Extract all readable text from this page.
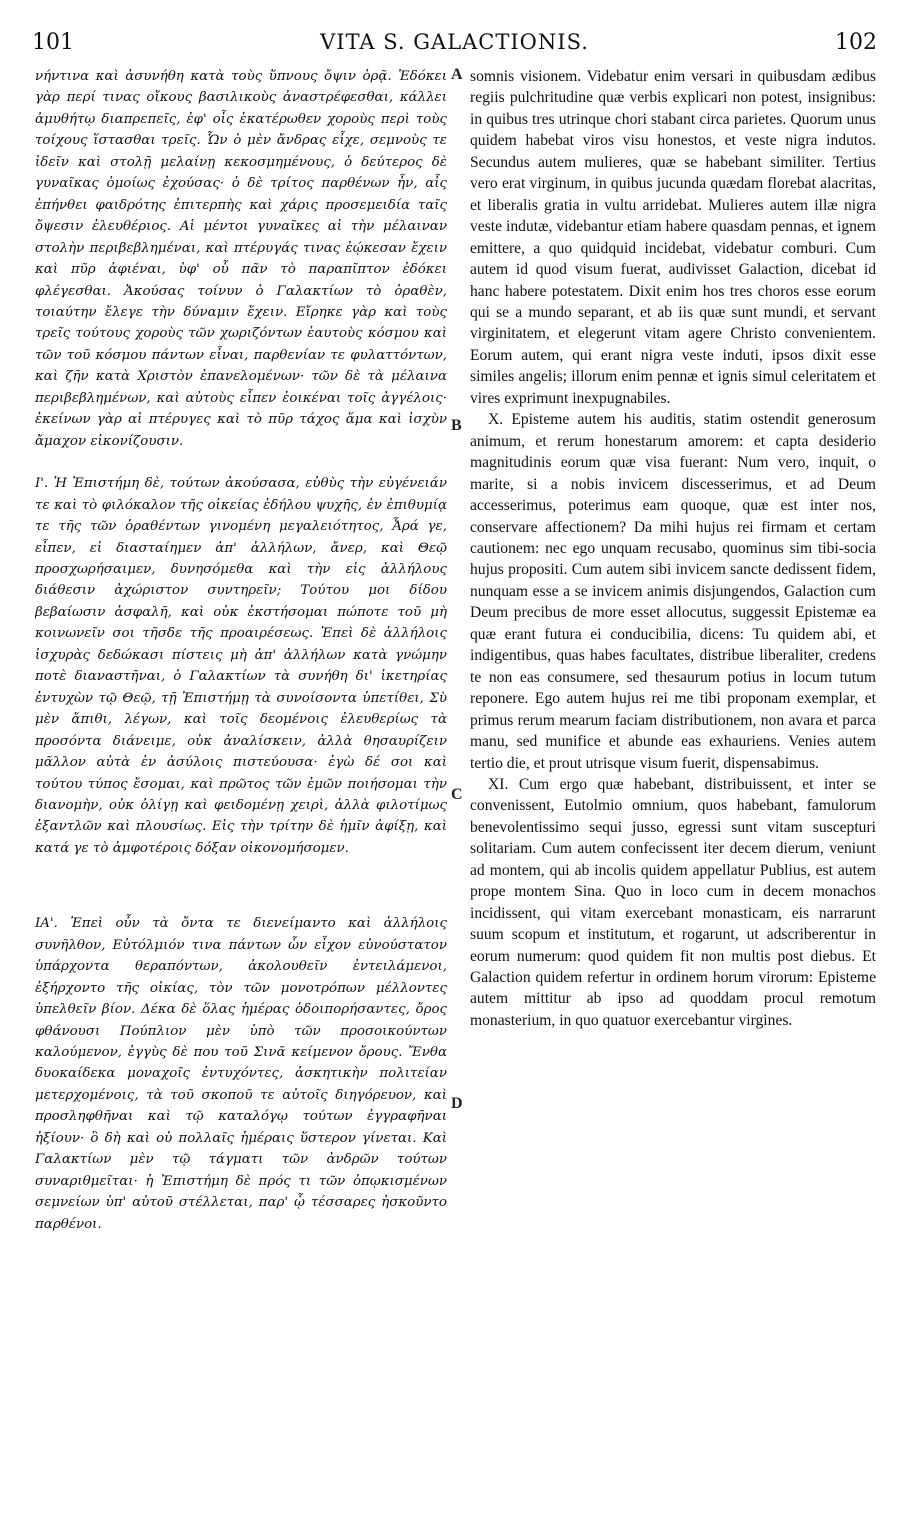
101	VITA S. GALACTIONIS.	102

νήντινα καὶ ἀσυνήθη κατὰ τοὺς ὕπνους ὄψιν ὁρᾷ. Ἐδόκει γὰρ περί τινας οἴκους βασιλικοὺς ἀναστρέφεσθαι, κάλλει ἀμυθήτῳ διαπρεπεῖς, ἐφ' οἷς ἑκατέρωθεν χοροὺς περὶ τοὺς τοίχους ἵστασθαι τρεῖς. Ὧν ὁ μὲν ἄνδρας εἶχε, σεμνοὺς τε ἰδεῖν καὶ στολῇ μελαίνῃ κεκοσμημένους, ὁ δεύτερος δὲ γυναῖκας ὁμοίως ἐχούσας· ὁ δὲ τρίτος παρθένων ἦν, αἷς ἐπήνθει φαιδρότης ἐπιτερπὴς καὶ χάρις προσεμειδία ταῖς ὄψεσιν ἐλευθέριος. Αἱ μέντοι γυναῖκες αἱ τὴν μέλαιναν στολὴν περιβεβλημέναι, καὶ πτέρυγάς τινας ἐῴκεσαν ἔχειν καὶ πῦρ ἀφιέναι, ὑφ' οὗ πᾶν τὸ παραπῖπτον ἐδόκει φλέγεσθαι. Ἀκούσας τοίνυν ὁ Γαλακτίων τὸ ὁραθὲν, τοιαύτην ἔλεγε τὴν δύναμιν ἔχειν. Εἴρηκε γὰρ καὶ τοὺς τρεῖς τούτους χοροὺς τῶν χωριζόντων ἑαυτοὺς κόσμου καὶ τῶν τοῦ κόσμου πάντων εἶναι, παρθενίαν τε φυλαττόντων, καὶ ζῆν κατὰ Χριστὸν ἐπανελομένων· τῶν δὲ τὰ μέλαινα περιβεβλημένων, καὶ αὐτοὺς εἶπεν ἐοικέναι τοῖς ἀγγέλοις· ἐκείνων γὰρ αἱ πτέρυγες καὶ τὸ πῦρ τάχος ἅμα καὶ ἰσχὺν ἄμαχον εἰκονίζουσιν.

Ι'. Ἡ Ἐπιστήμη δὲ, τούτων ἀκούσασα, εὐθὺς τὴν εὐγένειάν τε καὶ τὸ φιλόκαλον τῆς οἰκείας ἐδήλου ψυχῆς, ἐν ἐπιθυμίᾳ τε τῆς τῶν ὁραθέντων γινομένη μεγαλειότητος, Ἆρά γε, εἶπεν, εἰ διασταίημεν ἀπ' ἀλλήλων, ἄνερ, καὶ Θεῷ προσχωρήσαιμεν, δυνησόμεθα καὶ τὴν εἰς ἀλλήλους διάθεσιν ἀχώριστον συντηρεῖν; Τούτου μοι δίδου βεβαίωσιν ἀσφαλῆ, καὶ οὐκ ἐκστήσομαι πώποτε τοῦ μὴ κοινωνεῖν σοι τῆσδε τῆς προαιρέσεως. Ἐπεὶ δὲ ἀλλήλοις ἰσχυρὰς δεδώκασι πίστεις μὴ ἀπ' ἀλλήλων κατὰ γνώμην ποτὲ διαναστῆναι, ὁ Γαλακτίων τὰ συνήθη δι' ἱκετηρίας ἐντυχὼν τῷ Θεῷ, τῇ Ἐπιστήμῃ τὰ συνοίσοντα ὑπετίθει, Σὺ μὲν ἄπιθι, λέγων, καὶ τοῖς δεομένοις ἐλευθερίως τὰ προσόντα διάνειμε, οὐκ ἀναλίσκειν, ἀλλὰ θησαυρίζειν μᾶλλον αὐτὰ ἐν ἀσύλοις πιστεύουσα· ἐγὼ δέ σοι καὶ τούτου τύπος ἔσομαι, καὶ πρῶτος τῶν ἐμῶν ποιήσομαι τὴν διανομὴν, οὐκ ὀλίγῃ καὶ φειδομένῃ χειρὶ, ἀλλὰ φιλοτίμως ἐξαντλῶν καὶ πλουσίως. Εἰς τὴν τρίτην δὲ ἡμῖν ἀφίξῃ, καὶ κατά γε τὸ ἀμφοτέροις δόξαν οἰκονομήσομεν.

ΙΑ'. Ἐπεὶ οὖν τὰ ὄντα τε διενείμαντο καὶ ἀλλήλοις συνῆλθον, Εὐτόλμιόν τινα πάντων ὧν εἶχον εὐνούστατον ὑπάρχοντα θεραπόντων, ἀκολουθεῖν ἐντειλάμενοι, ἐξήρχοντο τῆς οἰκίας, τὸν τῶν μονοτρόπων μέλλοντες ὑπελθεῖν βίον. Δέκα δὲ ὅλας ἡμέρας ὁδοιπορήσαντες, ὄρος φθάνουσι Πούπλιον μὲν ὑπὸ τῶν προσοικούντων καλούμενον, ἐγγὺς δὲ που τοῦ Σινᾶ κείμενον ὄρους. Ἔνθα δυοκαίδεκα μοναχοῖς ἐντυχόντες, ἀσκητικὴν πολιτείαν μετερχομένοις, τὰ τοῦ σκοποῦ τε αὐτοῖς διηγόρευον, καὶ προσληφθῆναι καὶ τῷ καταλόγῳ τούτων ἐγγραφῆναι ἠξίουν· ὃ δὴ καὶ οὐ πολλαῖς ἡμέραις ὕστερον γίνεται. Καὶ Γαλακτίων μὲν τῷ τάγματι τῶν ἀνδρῶν τούτων συναριθμεῖται· ἡ Ἐπιστήμη δὲ πρός τι τῶν ὀπῳκισμένων σεμνείων ὑπ' αὐτοῦ στέλλεται, παρ' ᾧ τέσσαρες ἠσκοῦντο παρθένοι.

A
B
C
D

somnis visionem. Videbatur enim versari in quibusdam ædibus regiis pulchritudine quæ verbis explicari non potest, insignibus: in quibus tres utrinque chori stabant circa parietes. Quorum unus quidem habebat viros visu honestos, et veste nigra indutos. Secundus autem mulieres, quæ se habebant similiter. Tertius vero erat virginum, in quibus jucunda quædam florebat alacritas, et liberalis gratia in vultu arridebat. Mulieres autem illæ nigra veste indutæ, videbantur etiam habere quasdam pennas, et ignem emittere, a quo quidquid incidebat, videbatur comburi. Cum autem id quod visum fuerat, audivisset Galaction, dicebat id hanc habere potestatem. Dixit enim hos tres choros esse eorum qui se a mundo separant, et ab iis quæ sunt mundi, et servant virginitatem, et elegerunt vitam agere Christo convenientem. Eorum autem, qui erant nigra veste induti, ipsos dixit esse similes angelis; illorum enim pennæ et ignis simul celeritatem et vires exprimunt inexpugnabiles.

X. Episteme autem his auditis, statim ostendit generosum animum, et rerum honestarum amorem: et capta desiderio magnitudinis eorum quæ visa fuerant: Num vero, inquit, o marite, si a nobis invicem discesserimus, et ad Deum accesserimus, poterimus eam quoque, quæ est inter nos, conservare affectionem? Da mihi hujus rei firmam et certam cautionem: nec ego unquam recusabo, quominus sim tibi-socia hujus propositi. Cum autem sibi invicem sancte dedissent fidem, nunquam esse a se invicem animis disjungendos, Galaction cum Deum precibus de more esset allocutus, suggessit Epistemæ ea quæ erant futura ei conducibilia, dicens: Tu quidem abi, et indigentibus, quas habes facultates, distribue liberaliter, credens te non eas consumere, sed thesaurum potius in locum tutum reponere. Ego autem hujus rei me tibi proponam exemplar, et primus rerum mearum faciam distributionem, non avara et parca manu, sed munifice et abunde eas exhauriens. Venies autem tertio die, et prout utrisque visum fuerit, dispensabimus.

XI. Cum ergo quæ habebant, distribuissent, et inter se convenissent, Eutolmio omnium, quos habebant, famulorum benevolentissimo sequi jusso, egressi sunt vitam suscepturi solitariam. Cum autem confecissent iter decem dierum, veniunt ad montem, qui ab incolis quidem appellatur Publius, est autem prope montem Sina. Quo in loco cum in decem monachos incidissent, qui vitam exercebant monasticam, eis narrarunt suum scopum et institutum, et rogarunt, ut adscriberentur in eorum numerum: quod quidem fit non multis post diebus. Et Galaction quidem refertur in ordinem horum virorum: Episteme autem mittitur ab ipso ad quoddam procul remotum monasterium, in quo quatuor exercebantur virgines.
